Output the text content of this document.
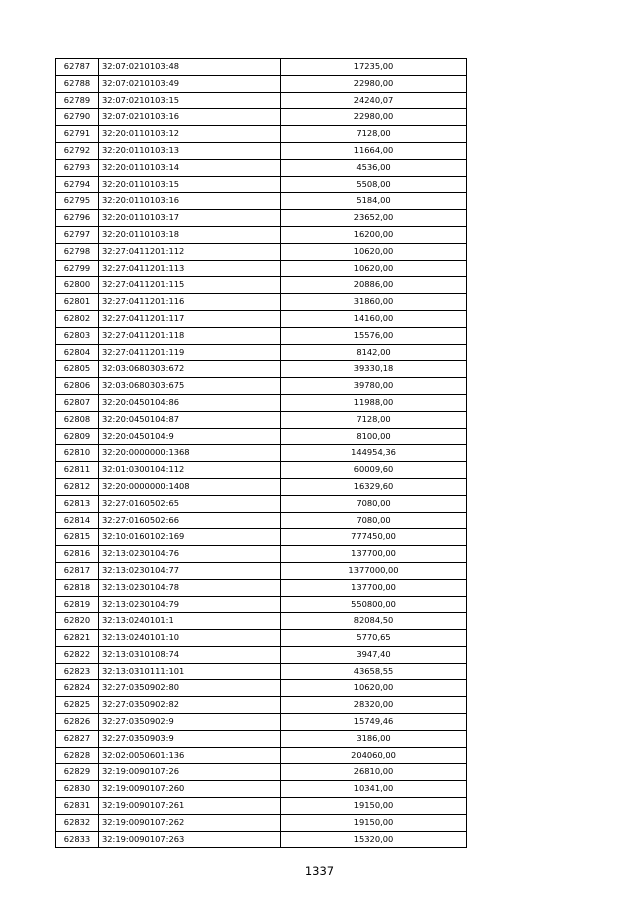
62787	32:07:0210103:48	17235,00
62788	32:07:0210103:49	22980,00
62789	32:07:0210103:15	24240,07
62790	32:07:0210103:16	22980,00
62791	32:20:0110103:12	7128,00
62792	32:20:0110103:13	11664,00
62793	32:20:0110103:14	4536,00
62794	32:20:0110103:15	5508,00
62795	32:20:0110103:16	5184,00
62796	32:20:0110103:17	23652,00
62797	32:20:0110103:18	16200,00
62798	32:27:0411201:112	10620,00
62799	32:27:0411201:113	10620,00
62800	32:27:0411201:115	20886,00
62801	32:27:0411201:116	31860,00
62802	32:27:0411201:117	14160,00
62803	32:27:0411201:118	15576,00
62804	32:27:0411201:119	8142,00
62805	32:03:0680303:672	39330,18
62806	32:03:0680303:675	39780,00
62807	32:20:0450104:86	11988,00
62808	32:20:0450104:87	7128,00
62809	32:20:0450104:9	8100,00
62810	32:20:0000000:1368	144954,36
62811	32:01:0300104:112	60009,60
62812	32:20:0000000:1408	16329,60
62813	32:27:0160502:65	7080,00
62814	32:27:0160502:66	7080,00
62815	32:10:0160102:169	777450,00
62816	32:13:0230104:76	137700,00
62817	32:13:0230104:77	1377000,00
62818	32:13:0230104:78	137700,00
62819	32:13:0230104:79	550800,00
62820	32:13:0240101:1	82084,50
62821	32:13:0240101:10	5770,65
62822	32:13:0310108:74	3947,40
62823	32:13:0310111:101	43658,55
62824	32:27:0350902:80	10620,00
62825	32:27:0350902:82	28320,00
62826	32:27:0350902:9	15749,46
62827	32:27:0350903:9	3186,00
62828	32:02:0050601:136	204060,00
62829	32:19:0090107:26	26810,00
62830	32:19:0090107:260	10341,00
62831	32:19:0090107:261	19150,00
62832	32:19:0090107:262	19150,00
62833	32:19:0090107:263	15320,00
1337
